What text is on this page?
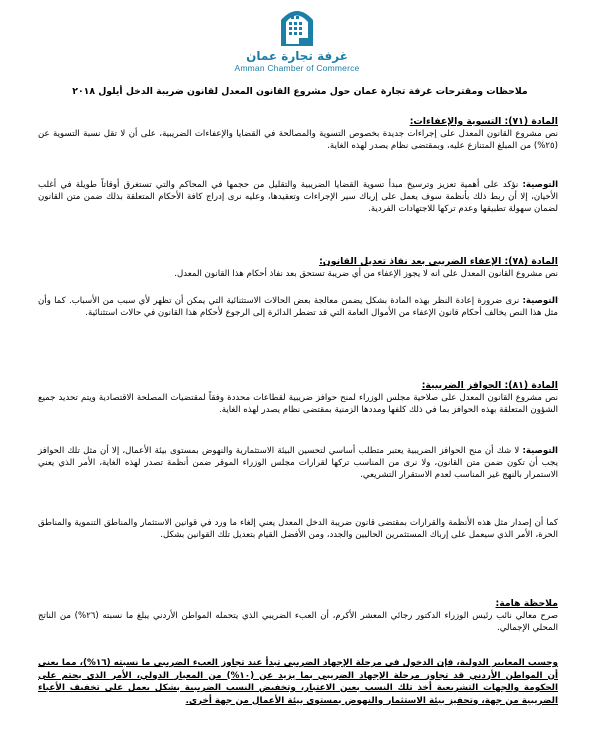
غرفة تجارة عمان
Amman Chamber of Commerce
ملاحظات ومقترحات غرفة تجارة عمان حول مشروع القانون المعدل لقانون ضريبة الدخل أيلول ٢٠١٨
المادة (٧١): التسوية والإعفاءات:
نص مشروع القانون المعدل على إجراءات جديدة بخصوص التسوية والمصالحة في القضايا والإعفاءات الضريبية، على أن لا تقل نسبة التسوية عن (٢٥%) من المبلغ المتنازع عليه، وبمقتضى نظام يصدر لهذه الغاية.
التوصية: نؤكد على أهمية تعزيز وترسيخ مبدأ تسوية القضايا الضريبية والتقليل من حجمها في المحاكم والتي تستغرق أوقاتاً طويلة في أغلب الأحيان، إلا أن ربط ذلك بأنظمة سوف يعمل على إرباك سير الإجراءات وتعقيدها، وعليه نرى إدراج كافة الأحكام المتعلقة بذلك ضمن متن القانون لضمان سهولة تطبيقها وعدم تركها للاجتهادات الفردية.
المادة (٧٨): الإعفاء الضريبي بعد نفاذ تعديل القانون:
نص مشروع القانون المعدل على انه لا يجوز الإعفاء من أي ضريبة تستحق بعد نفاذ أحكام هذا القانون المعدل.
التوصية: نرى ضرورة إعادة النظر بهذه المادة بشكل يضمن معالجة بعض الحالات الاستثنائية التي يمكن أن تظهر لأي سبب من الأسباب. كما وأن مثل هذا النص يخالف أحكام قانون الإعفاء من الأموال العامة التي قد تضطر الدائرة إلى الرجوع لأحكام هذا القانون في حالات استثنائية.
المادة (٨١): الحوافز الضريبية:
نص مشروع القانون المعدل على صلاحية مجلس الوزراء لمنح حوافز ضريبية لقطاعات محددة وفقاً لمقتضيات المصلحة الاقتصادية ويتم تحديد جميع الشؤون المتعلقة بهذه الحوافز بما في ذلك كلفها ومددها الزمنية بمقتضى نظام يصدر لهذه الغاية.
التوصية: لا شك أن منح الحوافز الضريبية يعتبر متطلب أساسي لتحسين البيئة الاستثمارية والنهوض بمستوى بيئة الأعمال، إلا أن مثل تلك الحوافز يجب أن تكون ضمن متن القانون، ولا نرى من المناسب تركها لقرارات مجلس الوزراء الموقر ضمن أنظمة تصدر لهذه الغاية، الأمر الذي يعني الاستمرار بالنهج غير المناسب لعدم الاستقرار التشريعي.
كما أن إصدار مثل هذه الأنظمة والقرارات بمقتضى قانون ضريبة الدخل المعدل يعني إلغاء ما ورد في قوانين الاستثمار والمناطق التنموية والمناطق الحرة، الأمر الذي سيعمل على إرباك المستثمرين الحاليين والجدد، ومن الأفضل القيام بتعديل تلك القوانين بشكل.
ملاحظة هامة:
صرح معالي نائب رئيس الوزراء الدكتور رجائي المعشر الأكرم، أن العبء الضريبي الذي يتحمله المواطن الأردني يبلغ ما نسبته (٢٦%) من الناتج المحلي الإجمالي.
وحسب المعايير الدولية، فإن الدخول في مرحلة الإجهاد الضريبي تبدأ عند تجاوز العبء الضريبي ما نسبته (١٦%)، مما يعني أن المواطن الأردني قد تجاوز مرحلة الإجهاد الضريبي بما يزيد عن (١٠%) من المعيار الدولي، الأمر الذي يحتم على الحكومة والجهات التشريعية أخذ تلك النسب بعين الاعتبار، وتخفيض النسب الضريبية بشكل يعمل على تخفيف الأعباء الضريبية من جهة، وتحفيز بيئة الاستثمار والنهوض بمستوى بيئة الأعمال من جهة أخرى.
